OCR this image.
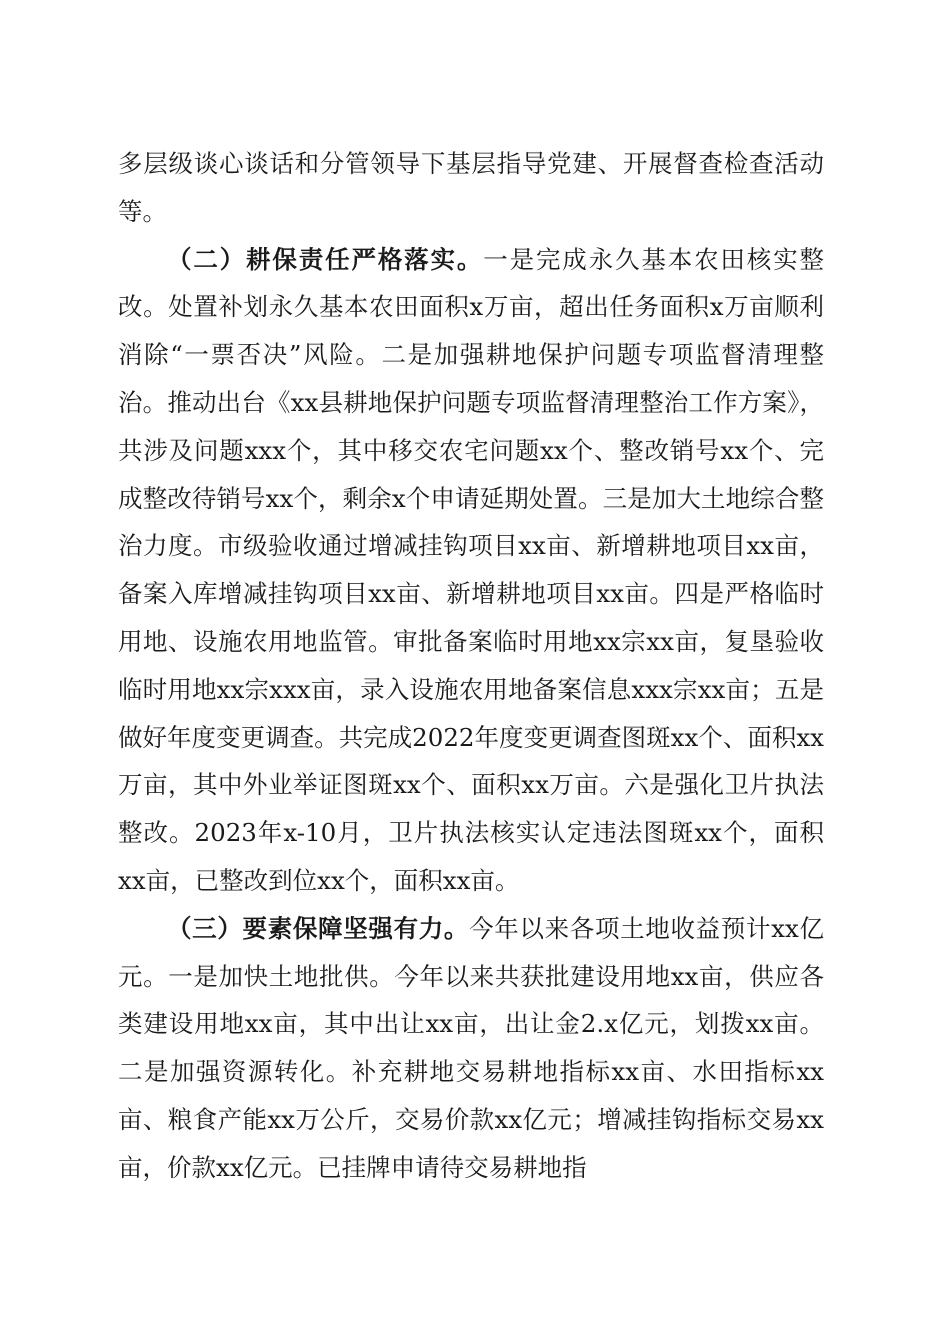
多层级谈心谈话和分管领导下基层指导党建、开展督查检查活动等。

（二）耕保责任严格落实。一是完成永久基本农田核实整改。处置补划永久基本农田面积x万亩，超出任务面积x万亩顺利消除“一票否决”风险。二是加强耕地保护问题专项监督清理整治。推动出台《xx县耕地保护问题专项监督清理整治工作方案》，共涉及问题xxx个，其中移交农宅问题xx个、整改销号xx个、完成整改待销号xx个，剩余x个申请延期处置。三是加大土地综合整治力度。市级验收通过增减挂钩项目xx亩、新增耕地项目xx亩，备案入库增减挂钩项目xx亩、新增耕地项目xx亩。四是严格临时用地、设施农用地监管。审批备案临时用地xx宗xx亩，复垦验收临时用地xx宗xxx亩，录入设施农用地备案信息xxx宗xx亩；五是做好年度变更调查。共完成2022年度变更调查图斑xx个、面积xx万亩，其中外业举证图斑xx个、面积xx万亩。六是强化卫片执法整改。2023年x-10月，卫片执法核实认定违法图斑xx个，面积xx亩，已整改到位xx个，面积xx亩。

（三）要素保障坚强有力。今年以来各项土地收益预计xx亿元。一是加快土地批供。今年以来共获批建设用地xx亩，供应各类建设用地xx亩，其中出让xx亩，出让金2.x亿元，划拨xx亩。二是加强资源转化。补充耕地交易耕地指标xx亩、水田指标xx亩、粮食产能xx万公斤，交易价款xx亿元；增减挂钩指标交易xx亩，价款xx亿元。已挂牌申请待交易耕地指
